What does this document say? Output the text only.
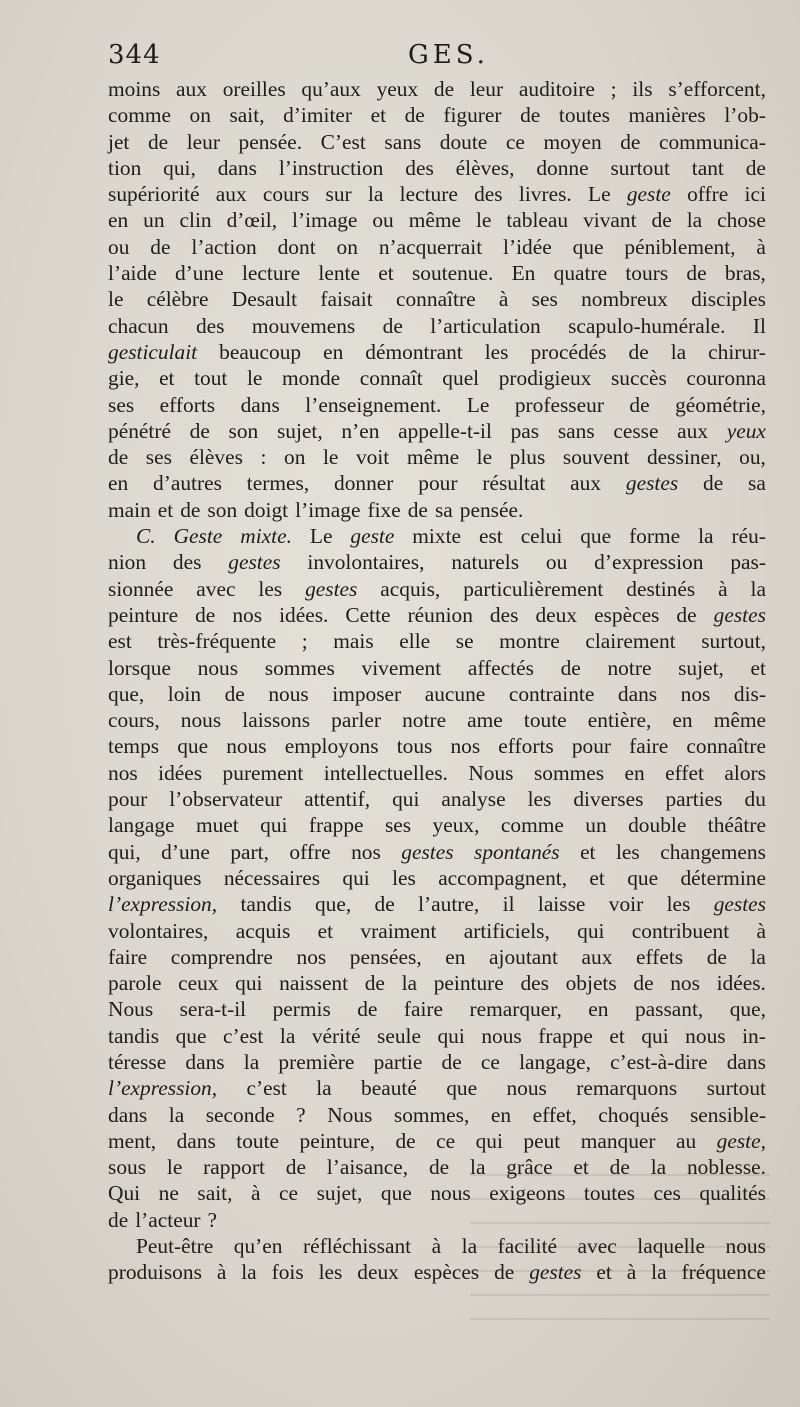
344	GES.
moins aux oreilles qu’aux yeux de leur auditoire ; ils s’efforcent,
comme on sait, d’imiter et de figurer de toutes manières l’ob-
jet de leur pensée. C’est sans doute ce moyen de communica-
tion qui, dans l’instruction des élèves, donne surtout tant de
supériorité aux cours sur la lecture des livres. Le geste offre ici
en un clin d’œil, l’image ou même le tableau vivant de la chose
ou de l’action dont on n’acquerrait l’idée que péniblement, à
l’aide d’une lecture lente et soutenue. En quatre tours de bras,
le célèbre Desault faisait connaître à ses nombreux disciples
chacun des mouvemens de l’articulation scapulo-humérale. Il
gesticulait beaucoup en démontrant les procédés de la chirur-
gie, et tout le monde connaît quel prodigieux succès couronna
ses efforts dans l’enseignement. Le professeur de géométrie,
pénétré de son sujet, n’en appelle-t-il pas sans cesse aux yeux
de ses élèves : on le voit même le plus souvent dessiner, ou,
en d’autres termes, donner pour résultat aux gestes de sa
main et de son doigt l’image fixe de sa pensée.
C. Geste mixte. Le geste mixte est celui que forme la réu-
nion des gestes involontaires, naturels ou d’expression pas-
sionnée avec les gestes acquis, particulièrement destinés à la
peinture de nos idées. Cette réunion des deux espèces de gestes
est très-fréquente ; mais elle se montre clairement surtout,
lorsque nous sommes vivement affectés de notre sujet, et
que, loin de nous imposer aucune contrainte dans nos dis-
cours, nous laissons parler notre ame toute entière, en même
temps que nous employons tous nos efforts pour faire connaître
nos idées purement intellectuelles. Nous sommes en effet alors
pour l’observateur attentif, qui analyse les diverses parties du
langage muet qui frappe ses yeux, comme un double théâtre
qui, d’une part, offre nos gestes spontanés et les changemens
organiques nécessaires qui les accompagnent, et que détermine
l’expression, tandis que, de l’autre, il laisse voir les gestes
volontaires, acquis et vraiment artificiels, qui contribuent à
faire comprendre nos pensées, en ajoutant aux effets de la
parole ceux qui naissent de la peinture des objets de nos idées.
Nous sera-t-il permis de faire remarquer, en passant, que,
tandis que c’est la vérité seule qui nous frappe et qui nous in-
téresse dans la première partie de ce langage, c’est-à-dire dans
l’expression, c’est la beauté que nous remarquons surtout
dans la seconde ? Nous sommes, en effet, choqués sensible-
ment, dans toute peinture, de ce qui peut manquer au geste,
sous le rapport de l’aisance, de la grâce et de la noblesse.
Qui ne sait, à ce sujet, que nous exigeons toutes ces qualités
de l’acteur ?
Peut-être qu’en réfléchissant à la facilité avec laquelle nous
produisons à la fois les deux espèces de gestes et à la fréquence
